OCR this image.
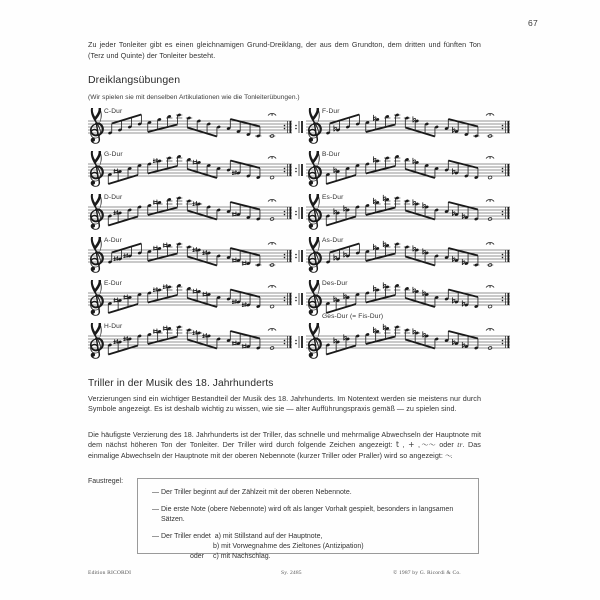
67
Zu jeder Tonleiter gibt es einen gleichnamigen Grund-Dreiklang, der aus dem Grundton, dem dritten und fünften Ton (Terz und Quinte) der Tonleiter besteht.
Dreiklangsübungen
(Wir spielen sie mit denselben Artikulationen wie die Tonleiterübungen.)
C-Dur	F-Dur
G-Dur	B-Dur
D-Dur	Es-Dur
A-Dur	As-Dur
E-Dur	Des-Dur
H-Dur
Ges-Dur (= Fis-Dur)
Triller in der Musik des 18. Jahrhunderts
Verzierungen sind ein wichtiger Bestandteil der Musik des 18. Jahrhunderts. Im Notentext werden sie meistens nur durch Symbole angezeigt. Es ist deshalb wichtig zu wissen, wie sie — alter Aufführungspraxis gemäß — zu spielen sind.
Die häufigste Verzierung des 18. Jahrhunderts ist der Triller, das schnelle und mehrmalige Abwechseln der Hauptnote mit dem nächst höheren Ton der Tonleiter. Der Triller wird durch folgende Zeichen angezeigt: t , + ,〜〜 oder tr. Das einmalige Abwechseln der Hauptnote mit der oberen Nebennote (kurzer Triller oder Praller) wird so angezeigt: 〜.
Faustregel:
— Der Triller beginnt auf der Zählzeit mit der oberen Nebennote.
— Die erste Note (obere Nebennote) wird oft als langer Vorhalt gespielt, besonders in langsamen Sätzen.
— Der Triller endet a) mit Stillstand auf der Hauptnote,
b) mit Vorwegnahme des Zieltones (Antizipation)
oder c) mit Nachschlag.
Edition RICORDI	Sy. 2485	© 1987 by G. Ricordi & Co.
